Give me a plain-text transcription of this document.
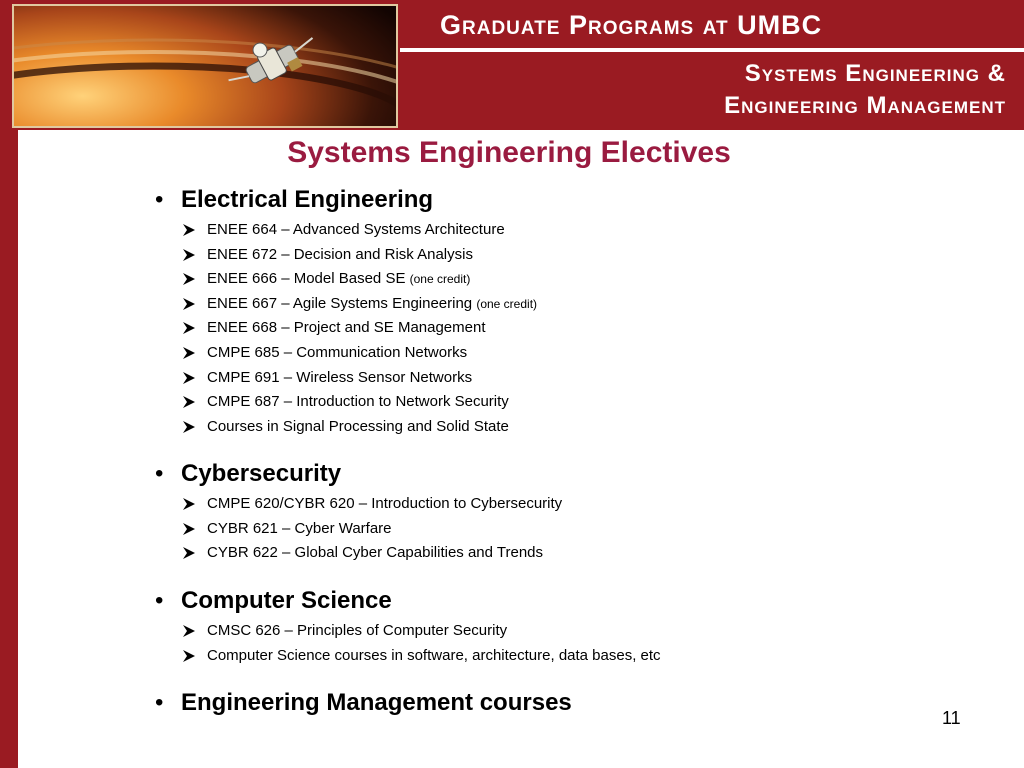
Graduate Programs at UMBC
Systems Engineering &
Engineering Management
Systems Engineering Electives
• Electrical Engineering
ENEE 664 – Advanced Systems Architecture
ENEE 672 – Decision and Risk Analysis
ENEE 666 – Model Based SE (one credit)
ENEE 667 – Agile Systems Engineering (one credit)
ENEE 668 – Project and SE Management
CMPE 685 – Communication Networks
CMPE 691 – Wireless Sensor Networks
CMPE 687 – Introduction to Network Security
Courses in Signal Processing and Solid State
• Cybersecurity
CMPE 620/CYBR 620 – Introduction to Cybersecurity
CYBR 621 – Cyber Warfare
CYBR 622 – Global Cyber Capabilities and Trends
• Computer Science
CMSC 626 – Principles of Computer Security
Computer Science courses in software, architecture, data bases, etc
• Engineering Management courses
11
